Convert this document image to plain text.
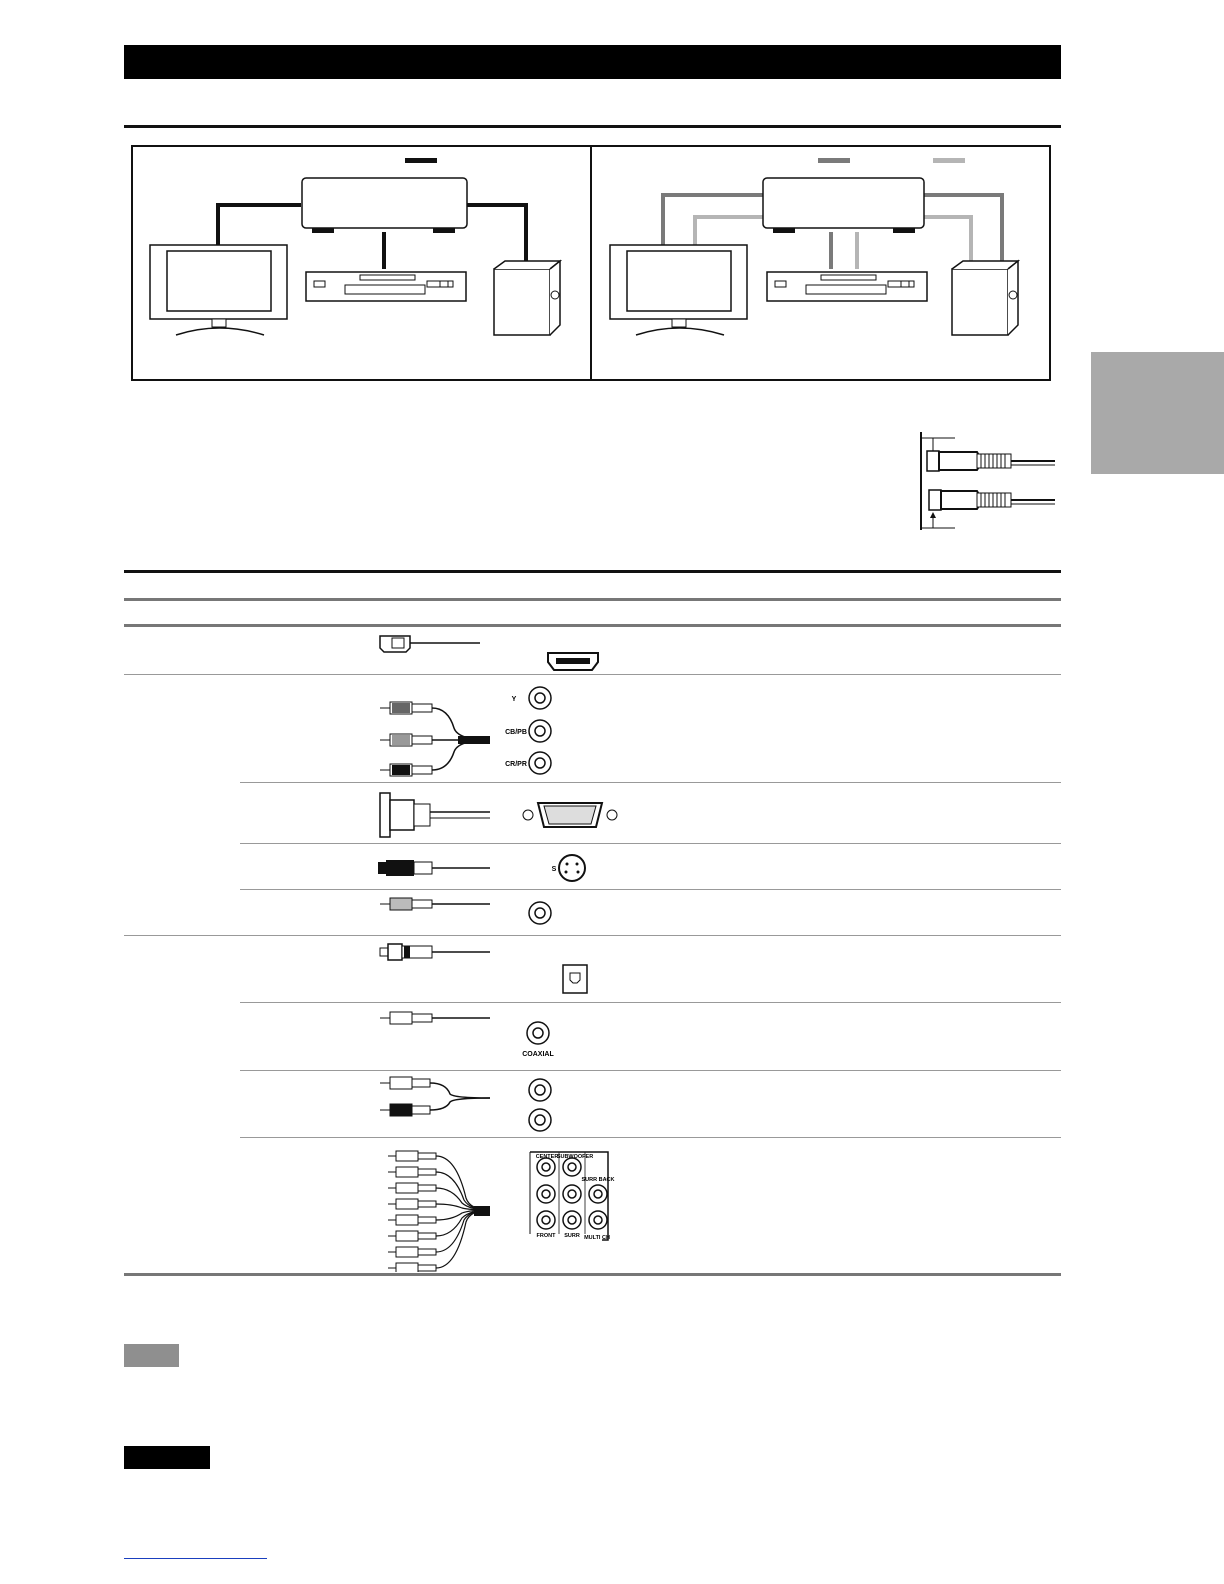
Y
CB/PB
CR/PR
S
COAXIAL
CENTER
SUBWOOFER
SURR BACK
FRONT SURR MULTI CH
